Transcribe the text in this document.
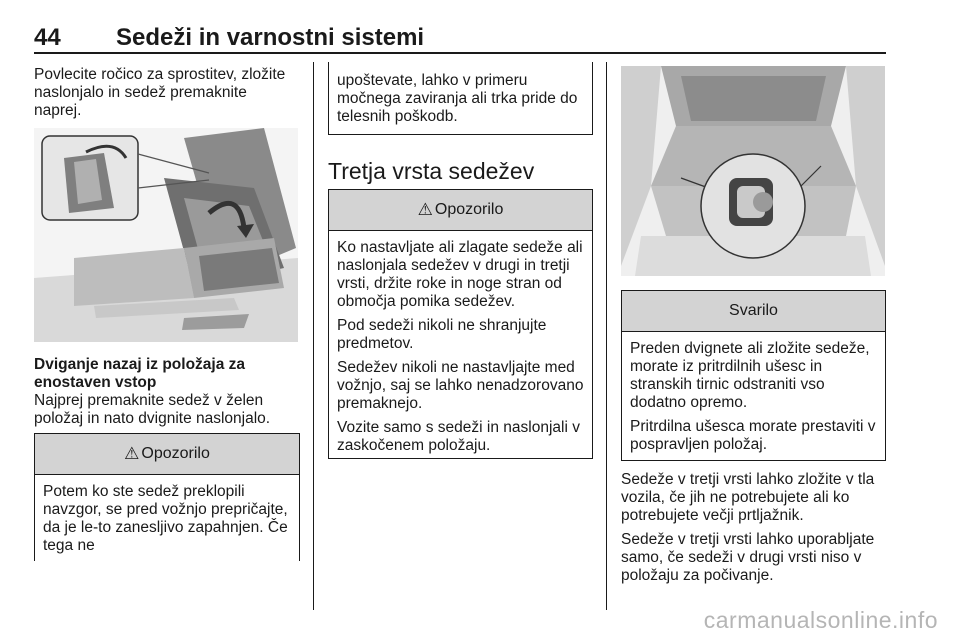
44 Sedeži in varnostni sistemi

Povlecite ročico za sprostitev, zložite naslonjalo in sedež premaknite naprej.

Dviganje nazaj iz položaja za enostaven vstop
Najprej premaknite sedež v želen položaj in nato dvignite naslonjalo.

⚠ Opozorilo

Potem ko ste sedež preklopili navzgor, se pred vožnjo prepričajte, da je le-to zanesljivo zapahnjen. Če tega ne

upoštevate, lahko v primeru močnega zaviranja ali trka pride do telesnih poškodb.

Tretja vrsta sedežev
⚠ Opozorilo

Ko nastavljate ali zlagate sedeže ali naslonjala sedežev v drugi in tretji vrsti, držite roke in noge stran od območja pomika sedežev.

Pod sedeži nikoli ne shranjujte predmetov.

Sedežev nikoli ne nastavljajte med vožnjo, saj se lahko nenadzorovano premaknejo.

Vozite samo s sedeži in naslonjali v zaskočenem položaju.

Svarilo

Preden dvignete ali zložite sedeže, morate iz pritrdilnih ušesc in stranskih tirnic odstraniti vso dodatno opremo.

Pritrdilna ušesca morate prestaviti v pospravljen položaj.

Sedeže v tretji vrsti lahko zložite v tla vozila, če jih ne potrebujete ali ko potrebujete večji prtljažnik.

Sedeže v tretji vrsti lahko uporabljate samo, če sedeži v drugi vrsti niso v položaju za počivanje.

carmanualsonline.info
